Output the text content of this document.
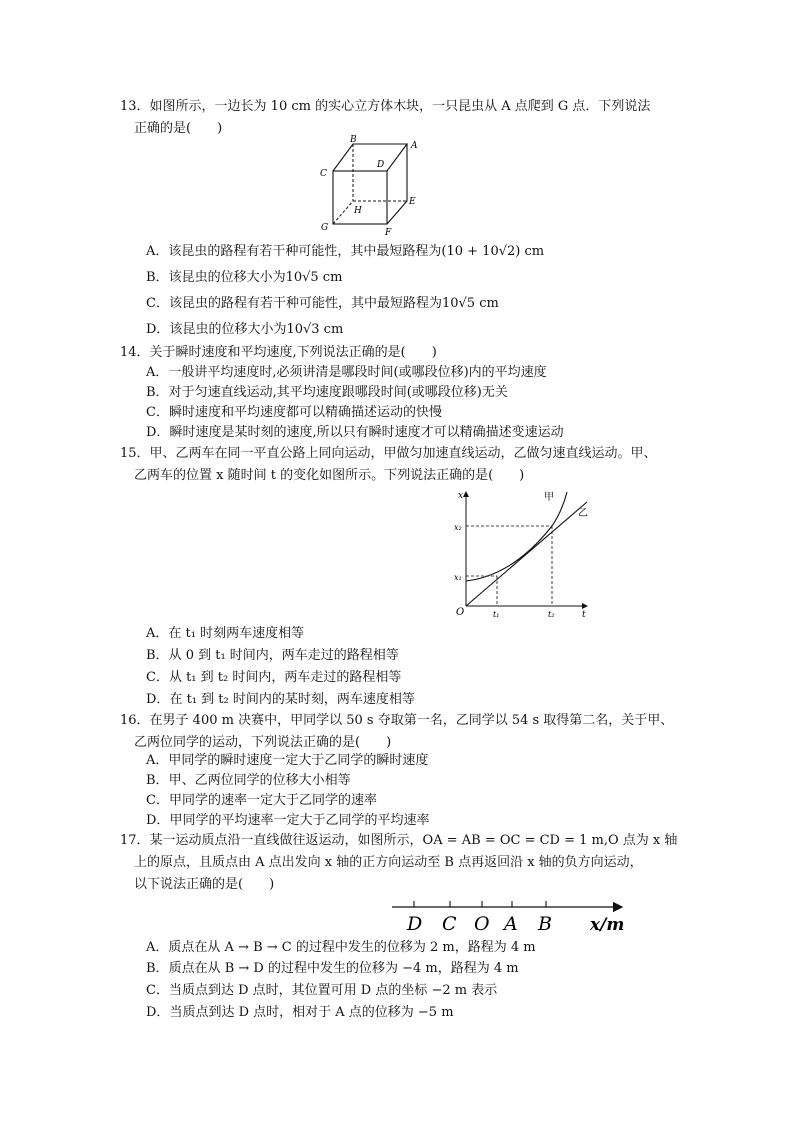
13．如图所示，一边长为 10 cm 的实心立方体木块，一只昆虫从 A 点爬到 G 点．下列说法
正确的是(　　)
B
A
C
D
E
H
G	F
A．该昆虫的路程有若干种可能性，其中最短路程为(10 + 10√2) cm
B．该昆虫的位移大小为10√5 cm
C．该昆虫的路程有若干种可能性，其中最短路程为10√5 cm
D．该昆虫的位移大小为10√3 cm
14．关于瞬时速度和平均速度,下列说法正确的是(　　)
A．一般讲平均速度时,必须讲清是哪段时间(或哪段位移)内的平均速度
B．对于匀速直线运动,其平均速度跟哪段时间(或哪段位移)无关
C．瞬时速度和平均速度都可以精确描述运动的快慢
D．瞬时速度是某时刻的速度,所以只有瞬时速度才可以精确描述变速运动
15．甲、乙两车在同一平直公路上同向运动，甲做匀加速直线运动，乙做匀速直线运动。甲、
乙两车的位置 x 随时间 t 的变化如图所示。下列说法正确的是(　　)
t
x
O
x₁
x₂
t₁	t₂
甲
乙
A．在 t₁ 时刻两车速度相等
B．从 0 到 t₁ 时间内，两车走过的路程相等
C．从 t₁ 到 t₂ 时间内，两车走过的路程相等
D．在 t₁ 到 t₂ 时间内的某时刻，两车速度相等
16．在男子 400 m 决赛中，甲同学以 50 s 夺取第一名，乙同学以 54 s 取得第二名，关于甲、
乙两位同学的运动，下列说法正确的是(　　)
A．甲同学的瞬时速度一定大于乙同学的瞬时速度
B．甲、乙两位同学的位移大小相等
C．甲同学的速率一定大于乙同学的速率
D．甲同学的平均速率一定大于乙同学的平均速率
17．某一运动质点沿一直线做往返运动，如图所示，OA = AB = OC = CD = 1 m,O 点为 x 轴
上的原点，且质点由 A 点出发向 x 轴的正方向运动至 B 点再返回沿 x 轴的负方向运动，
以下说法正确的是(　　)
D C O A B x/m
A．质点在从 A → B → C 的过程中发生的位移为 2 m，路程为 4 m
B．质点在从 B → D 的过程中发生的位移为 −4 m，路程为 4 m
C．当质点到达 D 点时，其位置可用 D 点的坐标 −2 m 表示
D．当质点到达 D 点时，相对于 A 点的位移为 −5 m
